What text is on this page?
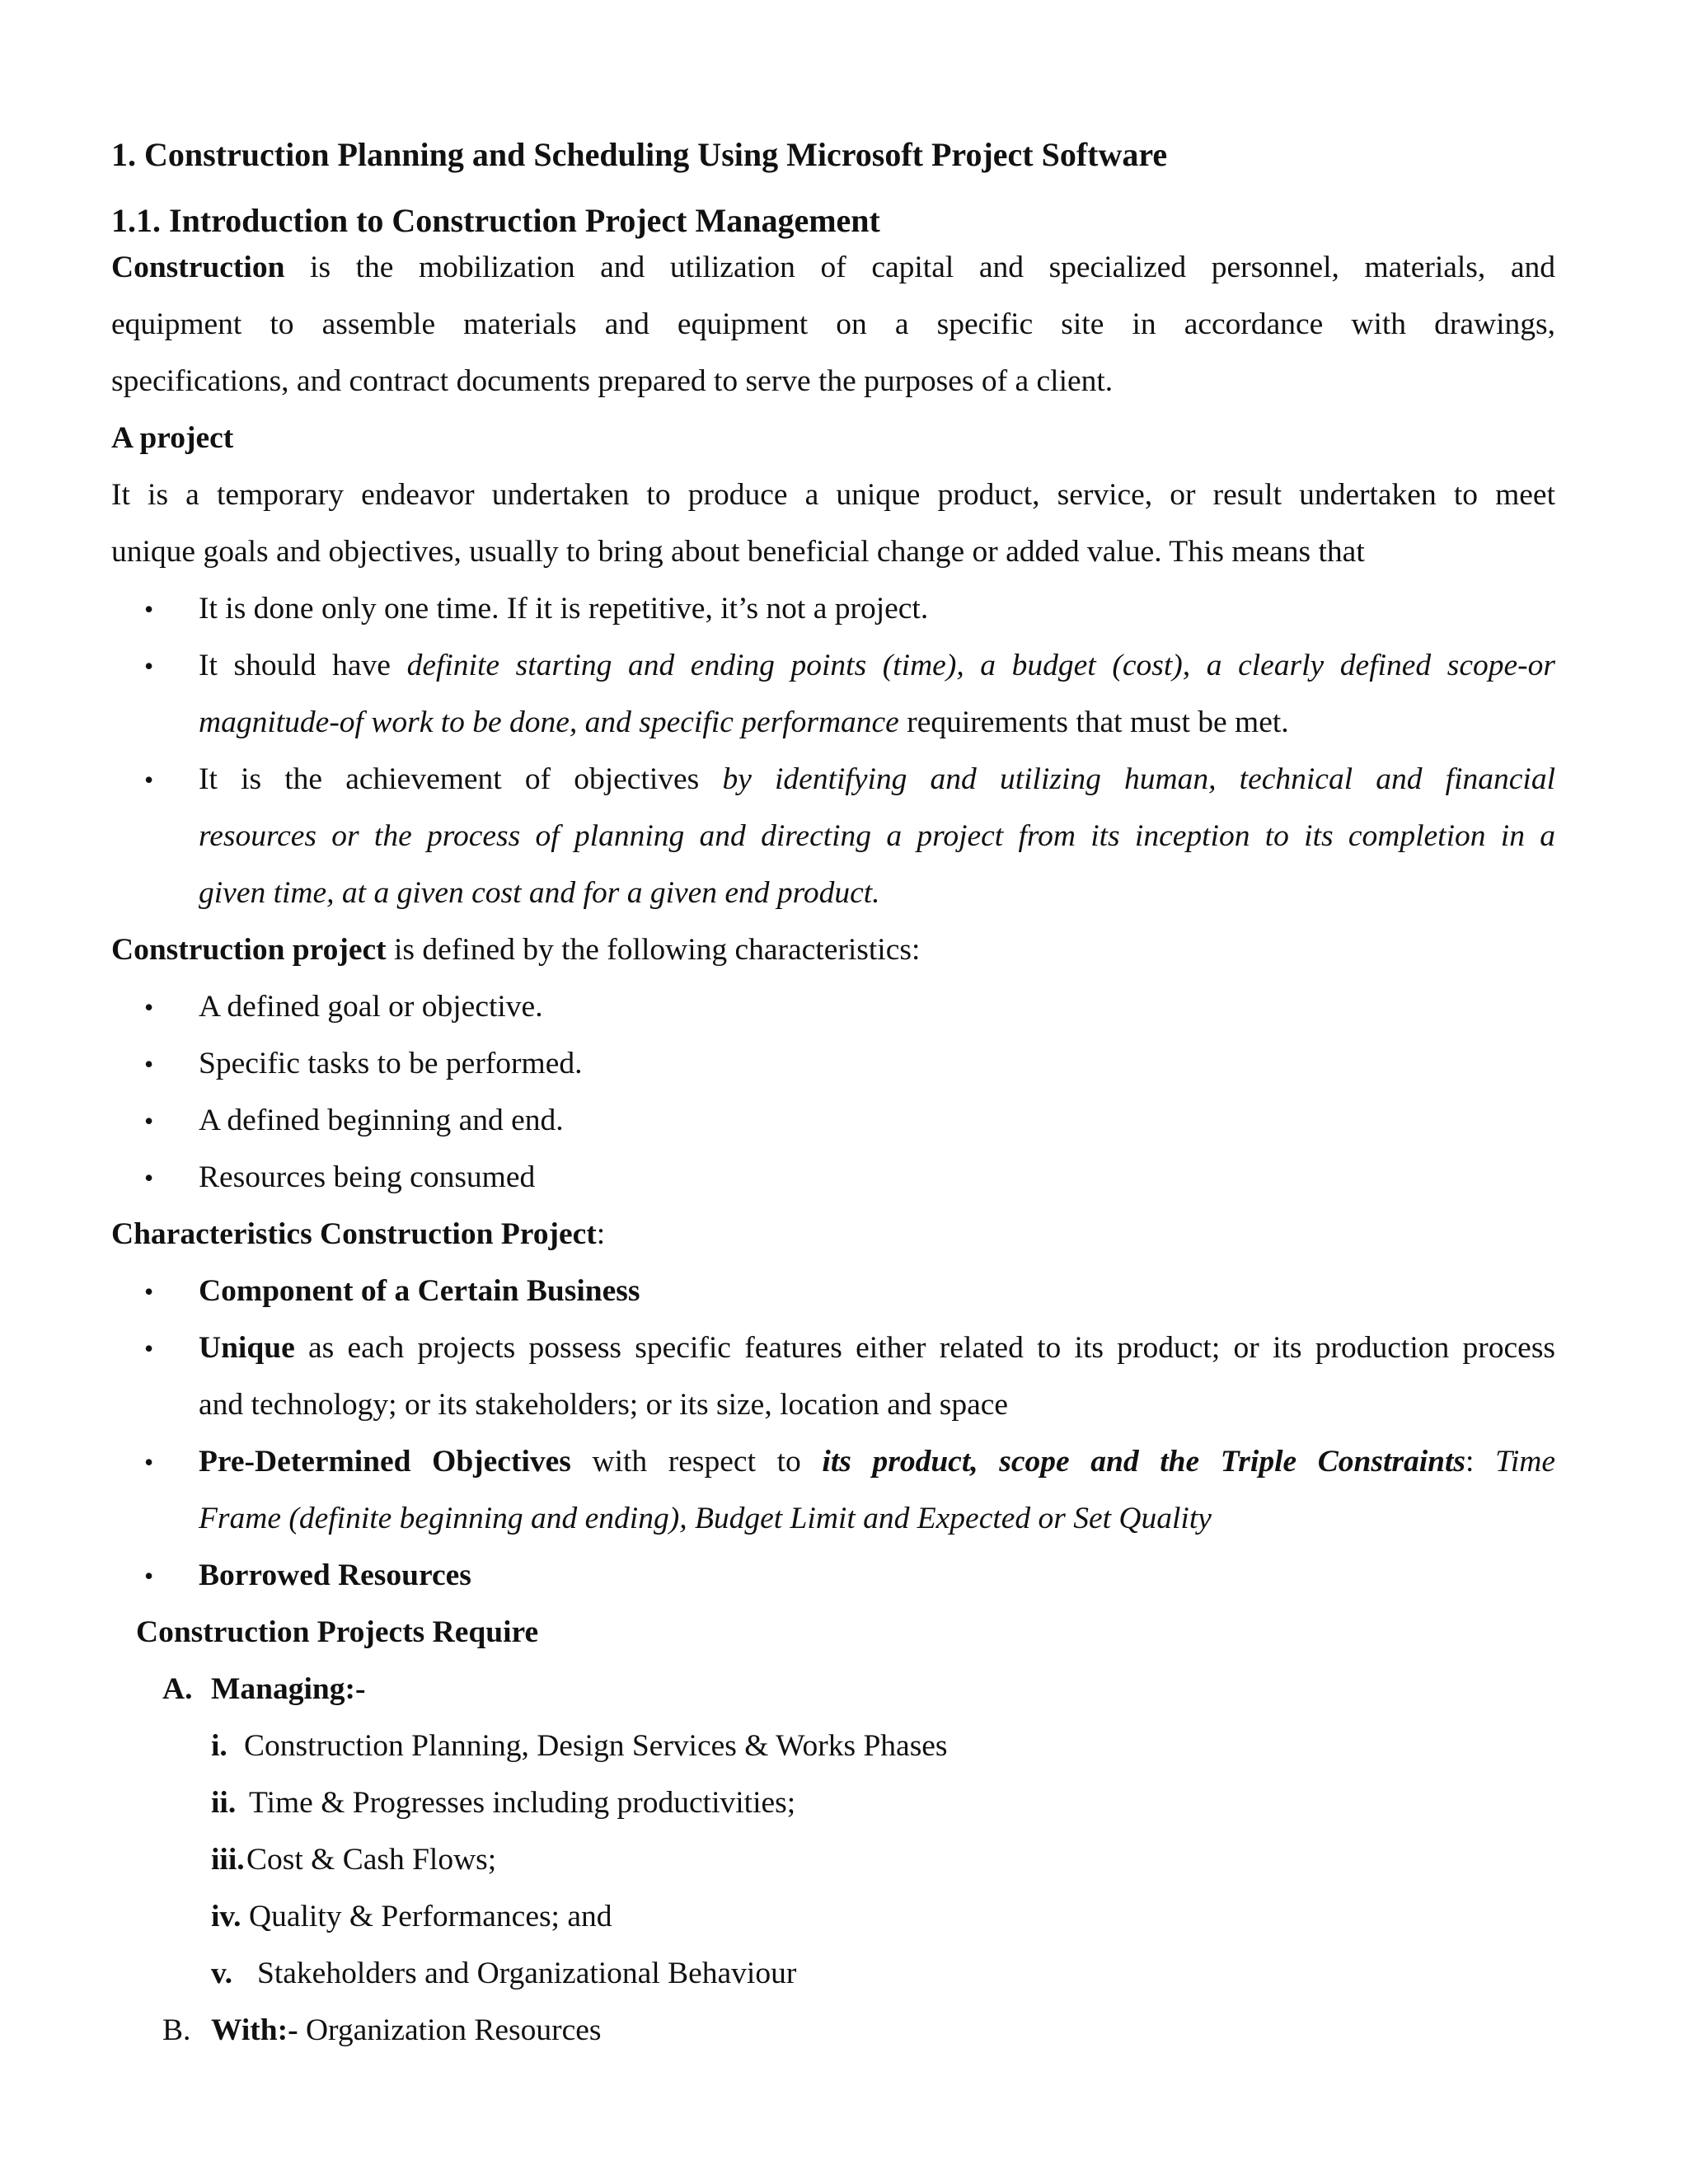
1. Construction Planning and Scheduling Using Microsoft Project Software
1.1. Introduction to Construction Project Management
Construction is the mobilization and utilization of capital and specialized personnel, materials, and
equipment to assemble materials and equipment on a specific site in accordance with drawings,
specifications, and contract documents prepared to serve the purposes of a client.
A project
It is a temporary endeavor undertaken to produce a unique product, service, or result undertaken to meet
unique goals and objectives, usually to bring about beneficial change or added value. This means that
• It is done only one time. If it is repetitive, it’s not a project.
• It should have definite starting and ending points (time), a budget (cost), a clearly defined scope-or
magnitude-of work to be done, and specific performance requirements that must be met.
• It is the achievement of objectives by identifying and utilizing human, technical and financial
resources or the process of planning and directing a project from its inception to its completion in a
given time, at a given cost and for a given end product.
Construction project is defined by the following characteristics:
• A defined goal or objective.
• Specific tasks to be performed.
• A defined beginning and end.
• Resources being consumed
Characteristics Construction Project:
• Component of a Certain Business
• Unique as each projects possess specific features either related to its product; or its production process
and technology; or its stakeholders; or its size, location and space
• Pre-Determined Objectives with respect to its product, scope and the Triple Constraints: Time
Frame (definite beginning and ending), Budget Limit and Expected or Set Quality
• Borrowed Resources
Construction Projects Require
A. Managing:-
i. Construction Planning, Design Services & Works Phases
ii. Time & Progresses including productivities;
iii. Cost & Cash Flows;
iv. Quality & Performances; and
v. Stakeholders and Organizational Behaviour
B. With:- Organization Resources
